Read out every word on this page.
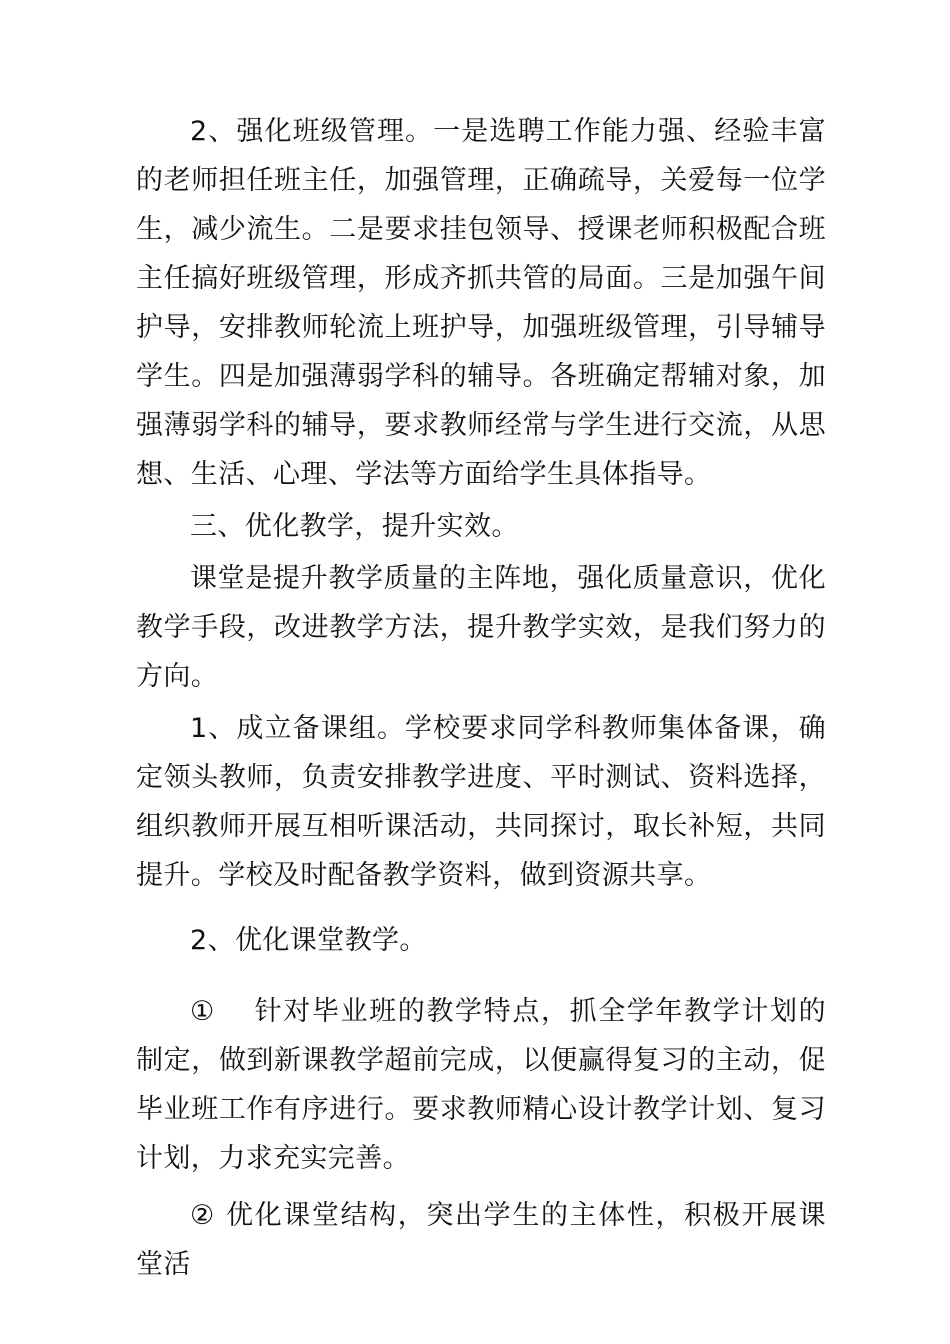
2、强化班级管理。一是选聘工作能力强、经验丰富的老师担任班主任，加强管理，正确疏导，关爱每一位学生，减少流生。二是要求挂包领导、授课老师积极配合班主任搞好班级管理，形成齐抓共管的局面。三是加强午间护导，安排教师轮流上班护导，加强班级管理，引导辅导学生。四是加强薄弱学科的辅导。各班确定帮辅对象，加强薄弱学科的辅导，要求教师经常与学生进行交流，从思想、生活、心理、学法等方面给学生具体指导。

三、优化教学，提升实效。

课堂是提升教学质量的主阵地，强化质量意识，优化教学手段，改进教学方法，提升教学实效，是我们努力的方向。

1、成立备课组。学校要求同学科教师集体备课，确定领头教师，负责安排教学进度、平时测试、资料选择，组织教师开展互相听课活动，共同探讨，取长补短，共同提升。学校及时配备教学资料，做到资源共享。

2、优化课堂教学。

①　 针对毕业班的教学特点，抓全学年教学计划的制定，做到新课教学超前完成，以便赢得复习的主动，促毕业班工作有序进行。要求教师精心设计教学计划、复习计划，力求充实完善。

② 优化课堂结构，突出学生的主体性，积极开展课堂活
